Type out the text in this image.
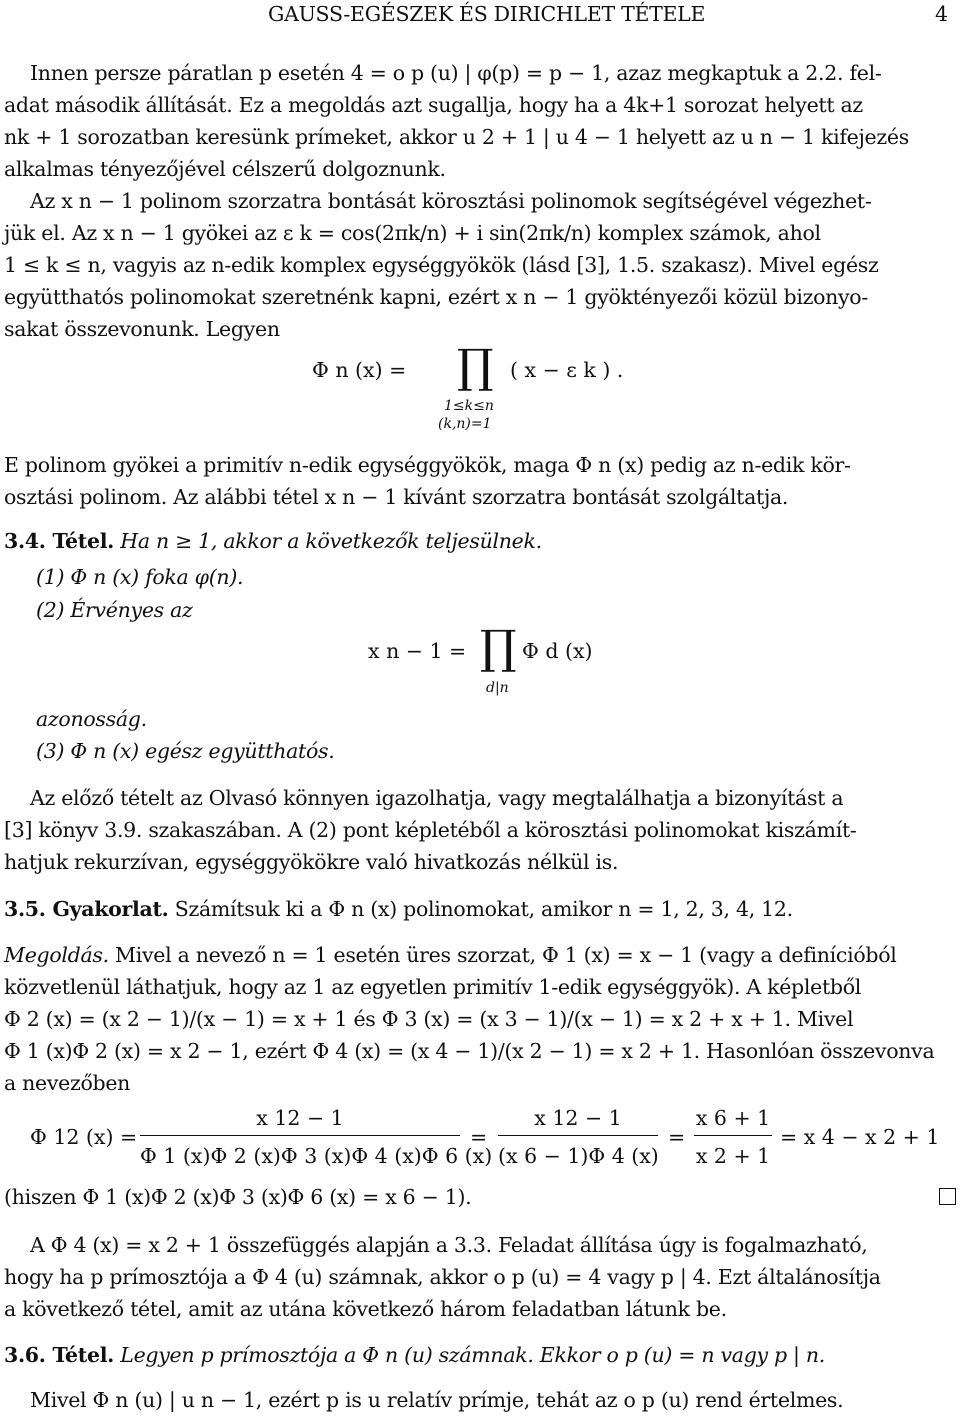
GAUSS-EGÉSZEK ÉS DIRICHLET TÉTELE	4
Innen persze páratlan p esetén 4 = o p (u) | φ(p) = p − 1, azaz megkaptuk a 2.2. fel-
adat második állítását. Ez a megoldás azt sugallja, hogy ha a 4k+1 sorozat helyett az
nk + 1 sorozatban keresünk prímeket, akkor u 2 + 1 | u 4 − 1 helyett az u n − 1 kifejezés
alkalmas tényezőjével célszerű dolgoznunk.
Az x n − 1 polinom szorzatra bontását körosztási polinomok segítségével végezhet-
jük el. Az x n − 1 gyökei az ε k = cos(2πk/n) + i sin(2πk/n) komplex számok, ahol
1 ≤ k ≤ n, vagyis az n-edik komplex egységgyökök (lásd [3], 1.5. szakasz). Mivel egész
együtthatós polinomokat szeretnénk kapni, ezért x n − 1 gyöktényezői közül bizonyo-
sakat összevonunk. Legyen
Φ n (x) = ∏
1≤k≤n
(k,n)=1
( x − ε k ) .
E polinom gyökei a primitív n-edik egységgyökök, maga Φ n (x) pedig az n-edik kör-
osztási polinom. Az alábbi tétel x n − 1 kívánt szorzatra bontását szolgáltatja.
3.4. Tétel. Ha n ≥ 1, akkor a következők teljesülnek.
(1) Φ n (x) foka φ(n).
(2) Érvényes az
x n − 1 = ∏
d|n
Φ d (x)
azonosság.
(3) Φ n (x) egész együtthatós.
Az előző tételt az Olvasó könnyen igazolhatja, vagy megtalálhatja a bizonyítást a
[3] könyv 3.9. szakaszában. A (2) pont képletéből a körosztási polinomokat kiszámít-
hatjuk rekurzívan, egységgyökökre való hivatkozás nélkül is.
3.5. Gyakorlat. Számítsuk ki a Φ n (x) polinomokat, amikor n = 1, 2, 3, 4, 12.
Megoldás. Mivel a nevező n = 1 esetén üres szorzat, Φ 1 (x) = x − 1 (vagy a definícióból
közvetlenül láthatjuk, hogy az 1 az egyetlen primitív 1-edik egységgyök). A képletből
Φ 2 (x) = (x 2 − 1)/(x − 1) = x + 1 és Φ 3 (x) = (x 3 − 1)/(x − 1) = x 2 + x + 1. Mivel
Φ 1 (x)Φ 2 (x) = x 2 − 1, ezért Φ 4 (x) = (x 4 − 1)/(x 2 − 1) = x 2 + 1. Hasonlóan összevonva
a nevezőben
Φ 12 (x) =
x 12 − 1
Φ 1 (x)Φ 2 (x)Φ 3 (x)Φ 4 (x)Φ 6 (x)
=
x 12 − 1
(x 6 − 1)Φ 4 (x)
=
x 6 + 1
x 2 + 1
= x 4 − x 2 + 1
(hiszen Φ 1 (x)Φ 2 (x)Φ 3 (x)Φ 6 (x) = x 6 − 1).
A Φ 4 (x) = x 2 + 1 összefüggés alapján a 3.3. Feladat állítása úgy is fogalmazható,
hogy ha p prímosztója a Φ 4 (u) számnak, akkor o p (u) = 4 vagy p | 4. Ezt általánosítja
a következő tétel, amit az utána következő három feladatban látunk be.
3.6. Tétel. Legyen p prímosztója a Φ n (u) számnak. Ekkor o p (u) = n vagy p | n.
Mivel Φ n (u) | u n − 1, ezért p is u relatív prímje, tehát az o p (u) rend értelmes.
